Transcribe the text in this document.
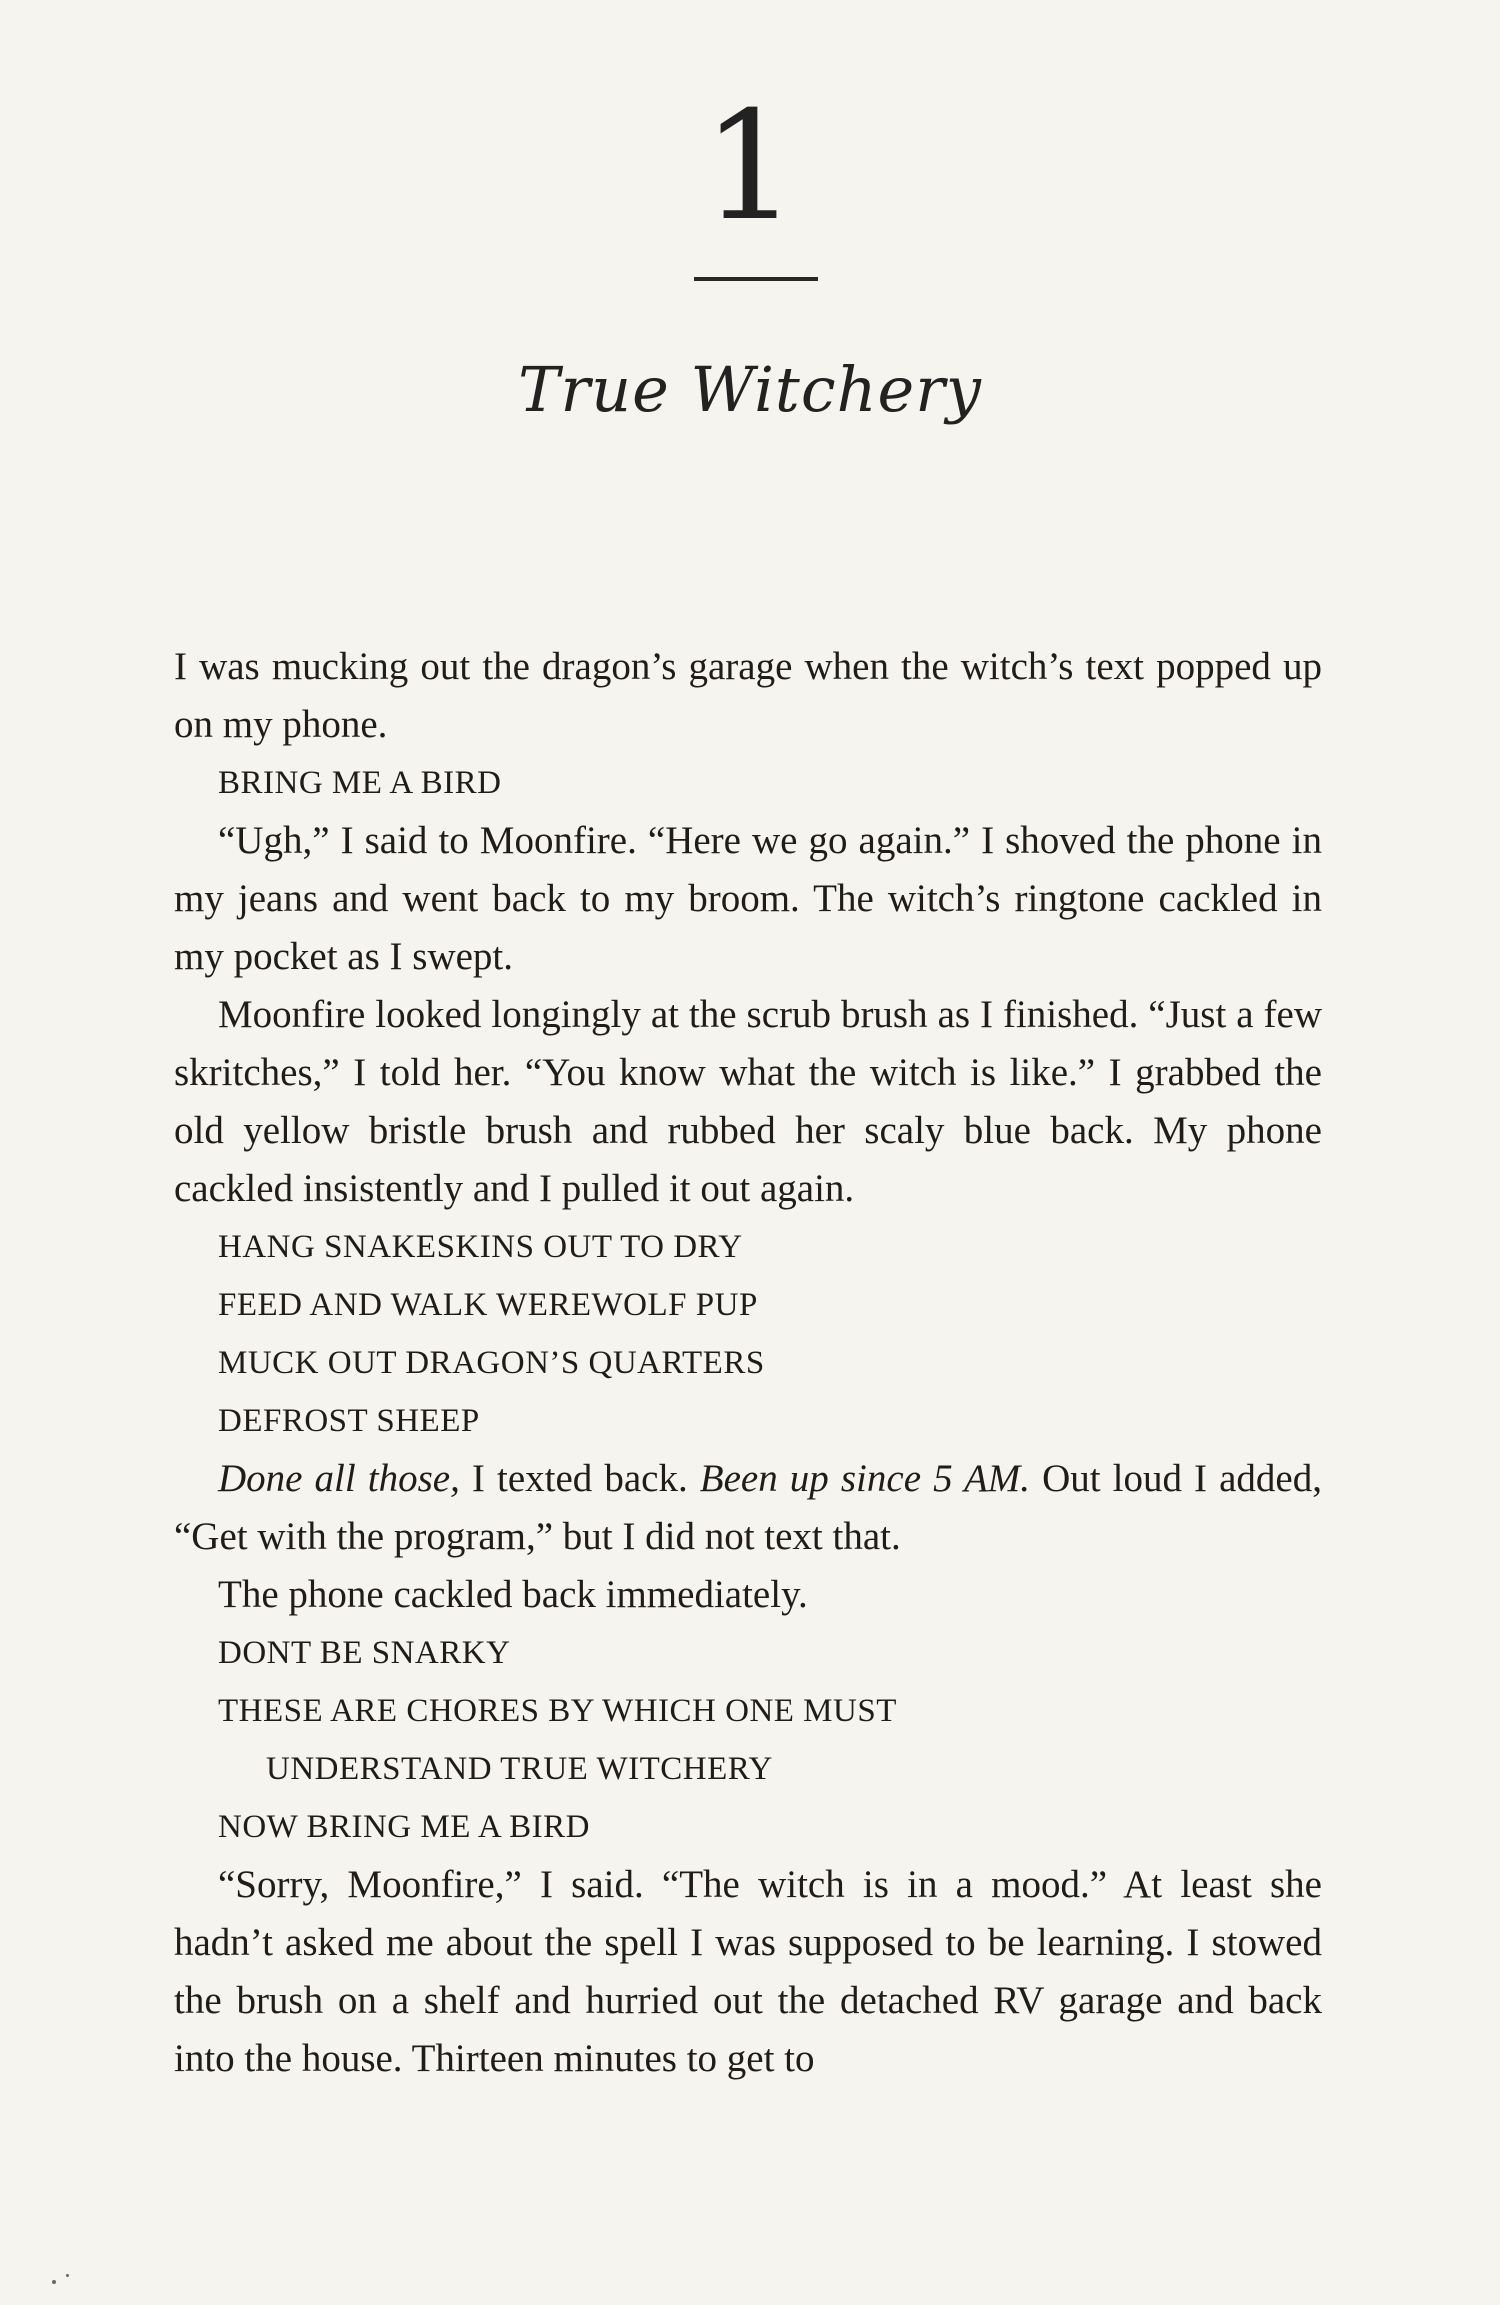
1
True Witchery

I was mucking out the dragon’s garage when the witch’s text popped up on my phone.

BRING ME A BIRD

“Ugh,” I said to Moonfire. “Here we go again.” I shoved the phone in my jeans and went back to my broom. The witch’s ringtone cackled in my pocket as I swept.

Moonfire looked longingly at the scrub brush as I finished. “Just a few skritches,” I told her. “You know what the witch is like.” I grabbed the old yellow bristle brush and rubbed her scaly blue back. My phone cackled insistently and I pulled it out again.

HANG SNAKESKINS OUT TO DRY

FEED AND WALK WEREWOLF PUP

MUCK OUT DRAGON’S QUARTERS

DEFROST SHEEP

Done all those, I texted back. Been up since 5 AM. Out loud I added, “Get with the program,” but I did not text that.

The phone cackled back immediately.

DONT BE SNARKY

THESE ARE CHORES BY WHICH ONE MUST

UNDERSTAND TRUE WITCHERY

NOW BRING ME A BIRD

“Sorry, Moonfire,” I said. “The witch is in a mood.” At least she hadn’t asked me about the spell I was supposed to be learning. I stowed the brush on a shelf and hurried out the detached RV garage and back into the house. Thirteen minutes to get to
